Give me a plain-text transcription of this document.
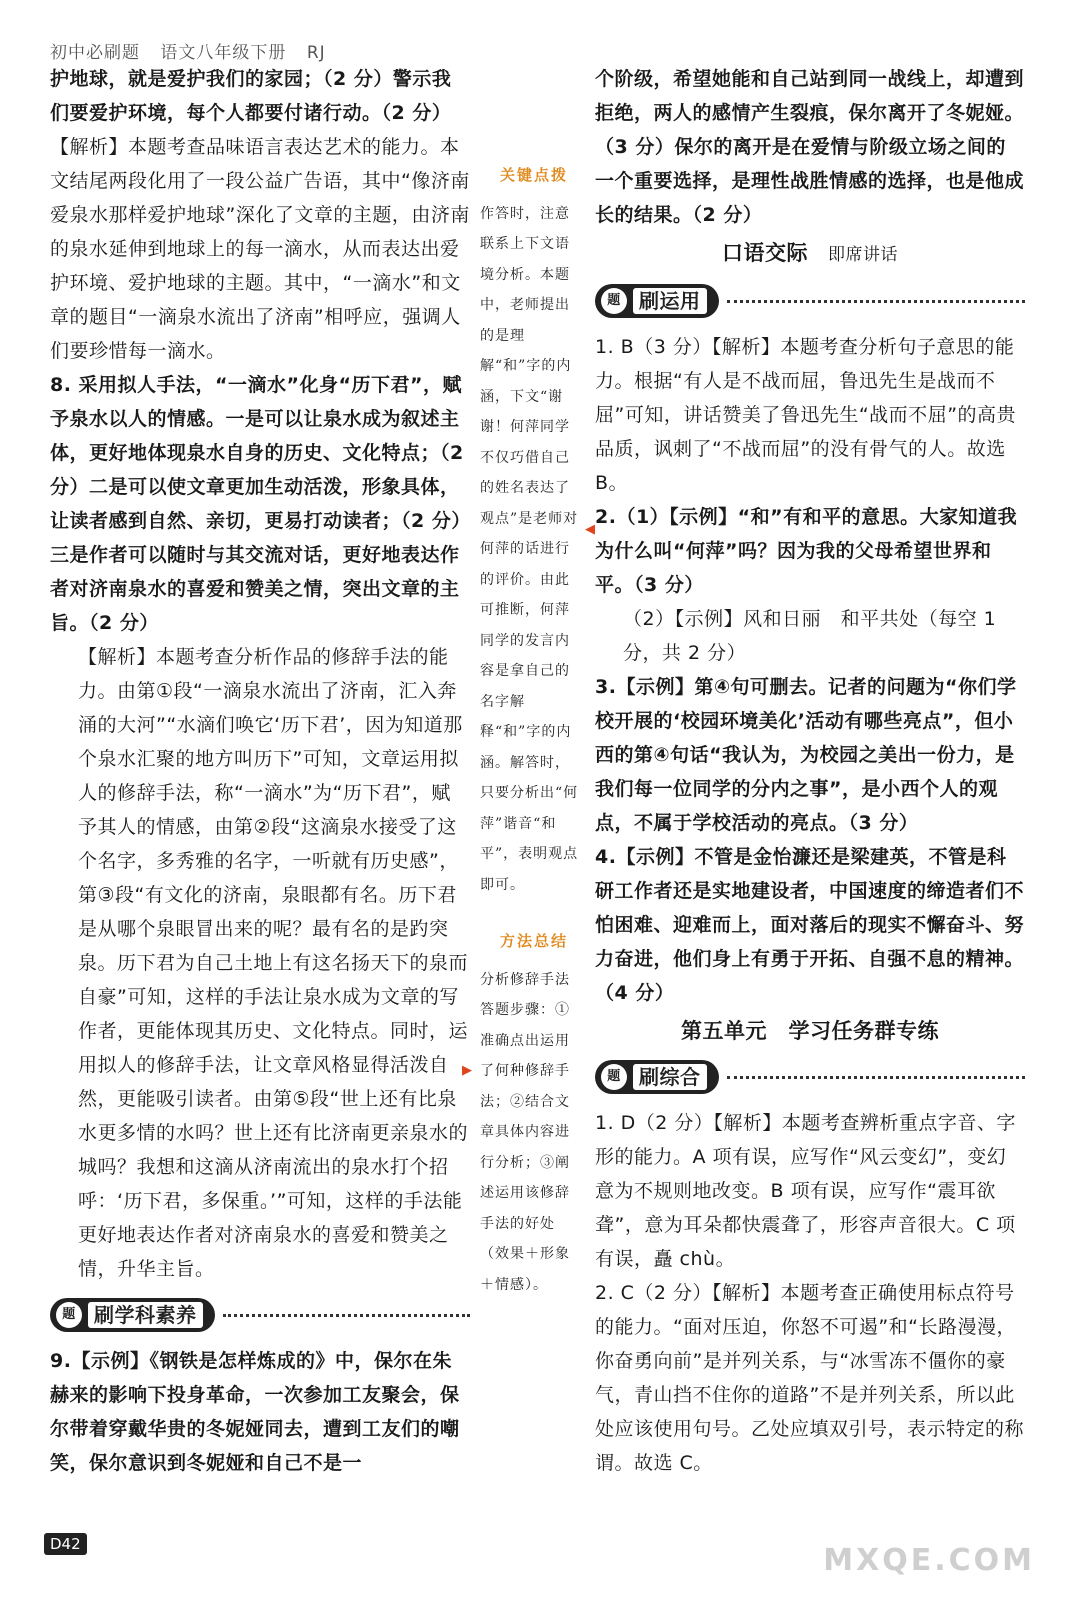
初中必刷题 语文八年级下册 RJ

护地球，就是爱护我们的家园；（2 分）警示我们要爱护环境，每个人都要付诸行动。（2 分）

【解析】本题考查品味语言表达艺术的能力。本文结尾两段化用了一段公益广告语，其中“像济南爱泉水那样爱护地球”深化了文章的主题，由济南的泉水延伸到地球上的每一滴水，从而表达出爱护环境、爱护地球的主题。其中，“一滴水”和文章的题目“一滴泉水流出了济南”相呼应，强调人们要珍惜每一滴水。

8. 采用拟人手法，“一滴水”化身“历下君”，赋予泉水以人的情感。一是可以让泉水成为叙述主体，更好地体现泉水自身的历史、文化特点；（2 分）二是可以使文章更加生动活泼，形象具体，让读者感到自然、亲切，更易打动读者；（2 分）三是作者可以随时与其交流对话，更好地表达作者对济南泉水的喜爱和赞美之情，突出文章的主旨。（2 分）

【解析】本题考查分析作品的修辞手法的能力。由第①段“一滴泉水流出了济南，汇入奔涌的大河”“水滴们唤它‘历下君’，因为知道那个泉水汇聚的地方叫历下”可知，文章运用拟人的修辞手法，称“一滴水”为“历下君”，赋予其人的情感，由第②段“这滴泉水接受了这个名字，多秀雅的名字，一听就有历史感”，第③段“有文化的济南，泉眼都有名。历下君是从哪个泉眼冒出来的呢？最有名的是趵突泉。历下君为自己土地上有这名扬天下的泉而自豪”可知，这样的手法让泉水成为文章的写作者，更能体现其历史、文化特点。同时，运用拟人的修辞手法，让文章风格显得活泼自然，更能吸引读者。由第⑤段“世上还有比泉水更多情的水吗？世上还有比济南更亲泉水的城吗？我想和这滴从济南流出的泉水打个招呼：‘历下君，多保重。’”可知，这样的手法能更好地表达作者对济南泉水的喜爱和赞美之情，升华主旨。

题 刷学科素养

9.【示例】《钢铁是怎样炼成的》中，保尔在朱赫来的影响下投身革命，一次参加工友聚会，保尔带着穿戴华贵的冬妮娅同去，遭到工友们的嘲笑，保尔意识到冬妮娅和自己不是一

关键点拨

作答时，注意联系上下文语境分析。本题中，老师提出的是理解“和”字的内涵，下文“谢谢！何萍同学不仅巧借自己的姓名表达了观点”是老师对何萍的话进行的评价。由此可推断，何萍同学的发言内容是拿自己的名字解释“和”字的内涵。解答时，只要分析出“何萍”谐音“和平”，表明观点即可。

方法总结

分析修辞手法答题步骤：①准确点出运用了何种修辞手法；②结合文章具体内容进行分析；③阐述运用该修辞手法的好处（效果＋形象＋情感）。

◀
▶

个阶级，希望她能和自己站到同一战线上，却遭到拒绝，两人的感情产生裂痕，保尔离开了冬妮娅。（3 分）保尔的离开是在爱情与阶级立场之间的一个重要选择，是理性战胜情感的选择，也是他成长的结果。（2 分）

口语交际 即席讲话
题 刷运用

1. B（3 分）【解析】本题考查分析句子意思的能力。根据“有人是不战而屈，鲁迅先生是战而不屈”可知，讲话赞美了鲁迅先生“战而不屈”的高贵品质，讽刺了“不战而屈”的没有骨气的人。故选 B。

2.（1）【示例】“和”有和平的意思。大家知道我为什么叫“何萍”吗？因为我的父母希望世界和平。（3 分）

（2）【示例】风和日丽　和平共处（每空 1 分，共 2 分）

3.【示例】第④句可删去。记者的问题为“你们学校开展的‘校园环境美化’活动有哪些亮点”，但小西的第④句话“我认为，为校园之美出一份力，是我们每一位同学的分内之事”，是小西个人的观点，不属于学校活动的亮点。（3 分）

4.【示例】不管是金怡濂还是梁建英，不管是科研工作者还是实地建设者，中国速度的缔造者们不怕困难、迎难而上，面对落后的现实不懈奋斗、努力奋进，他们身上有勇于开拓、自强不息的精神。（4 分）

第五单元　学习任务群专练
题 刷综合

1. D（2 分）【解析】本题考查辨析重点字音、字形的能力。A 项有误，应写作“风云变幻”，变幻意为不规则地改变。B 项有误，应写作“震耳欲聋”，意为耳朵都快震聋了，形容声音很大。C 项有误，矗 chù。

2. C（2 分）【解析】本题考查正确使用标点符号的能力。“面对压迫，你怒不可遏”和“长路漫漫，你奋勇向前”是并列关系，与“冰雪冻不僵你的豪气，青山挡不住你的道路”不是并列关系，所以此处应该使用句号。乙处应填双引号，表示特定的称谓。故选 C。

D42	MXQE.COM
